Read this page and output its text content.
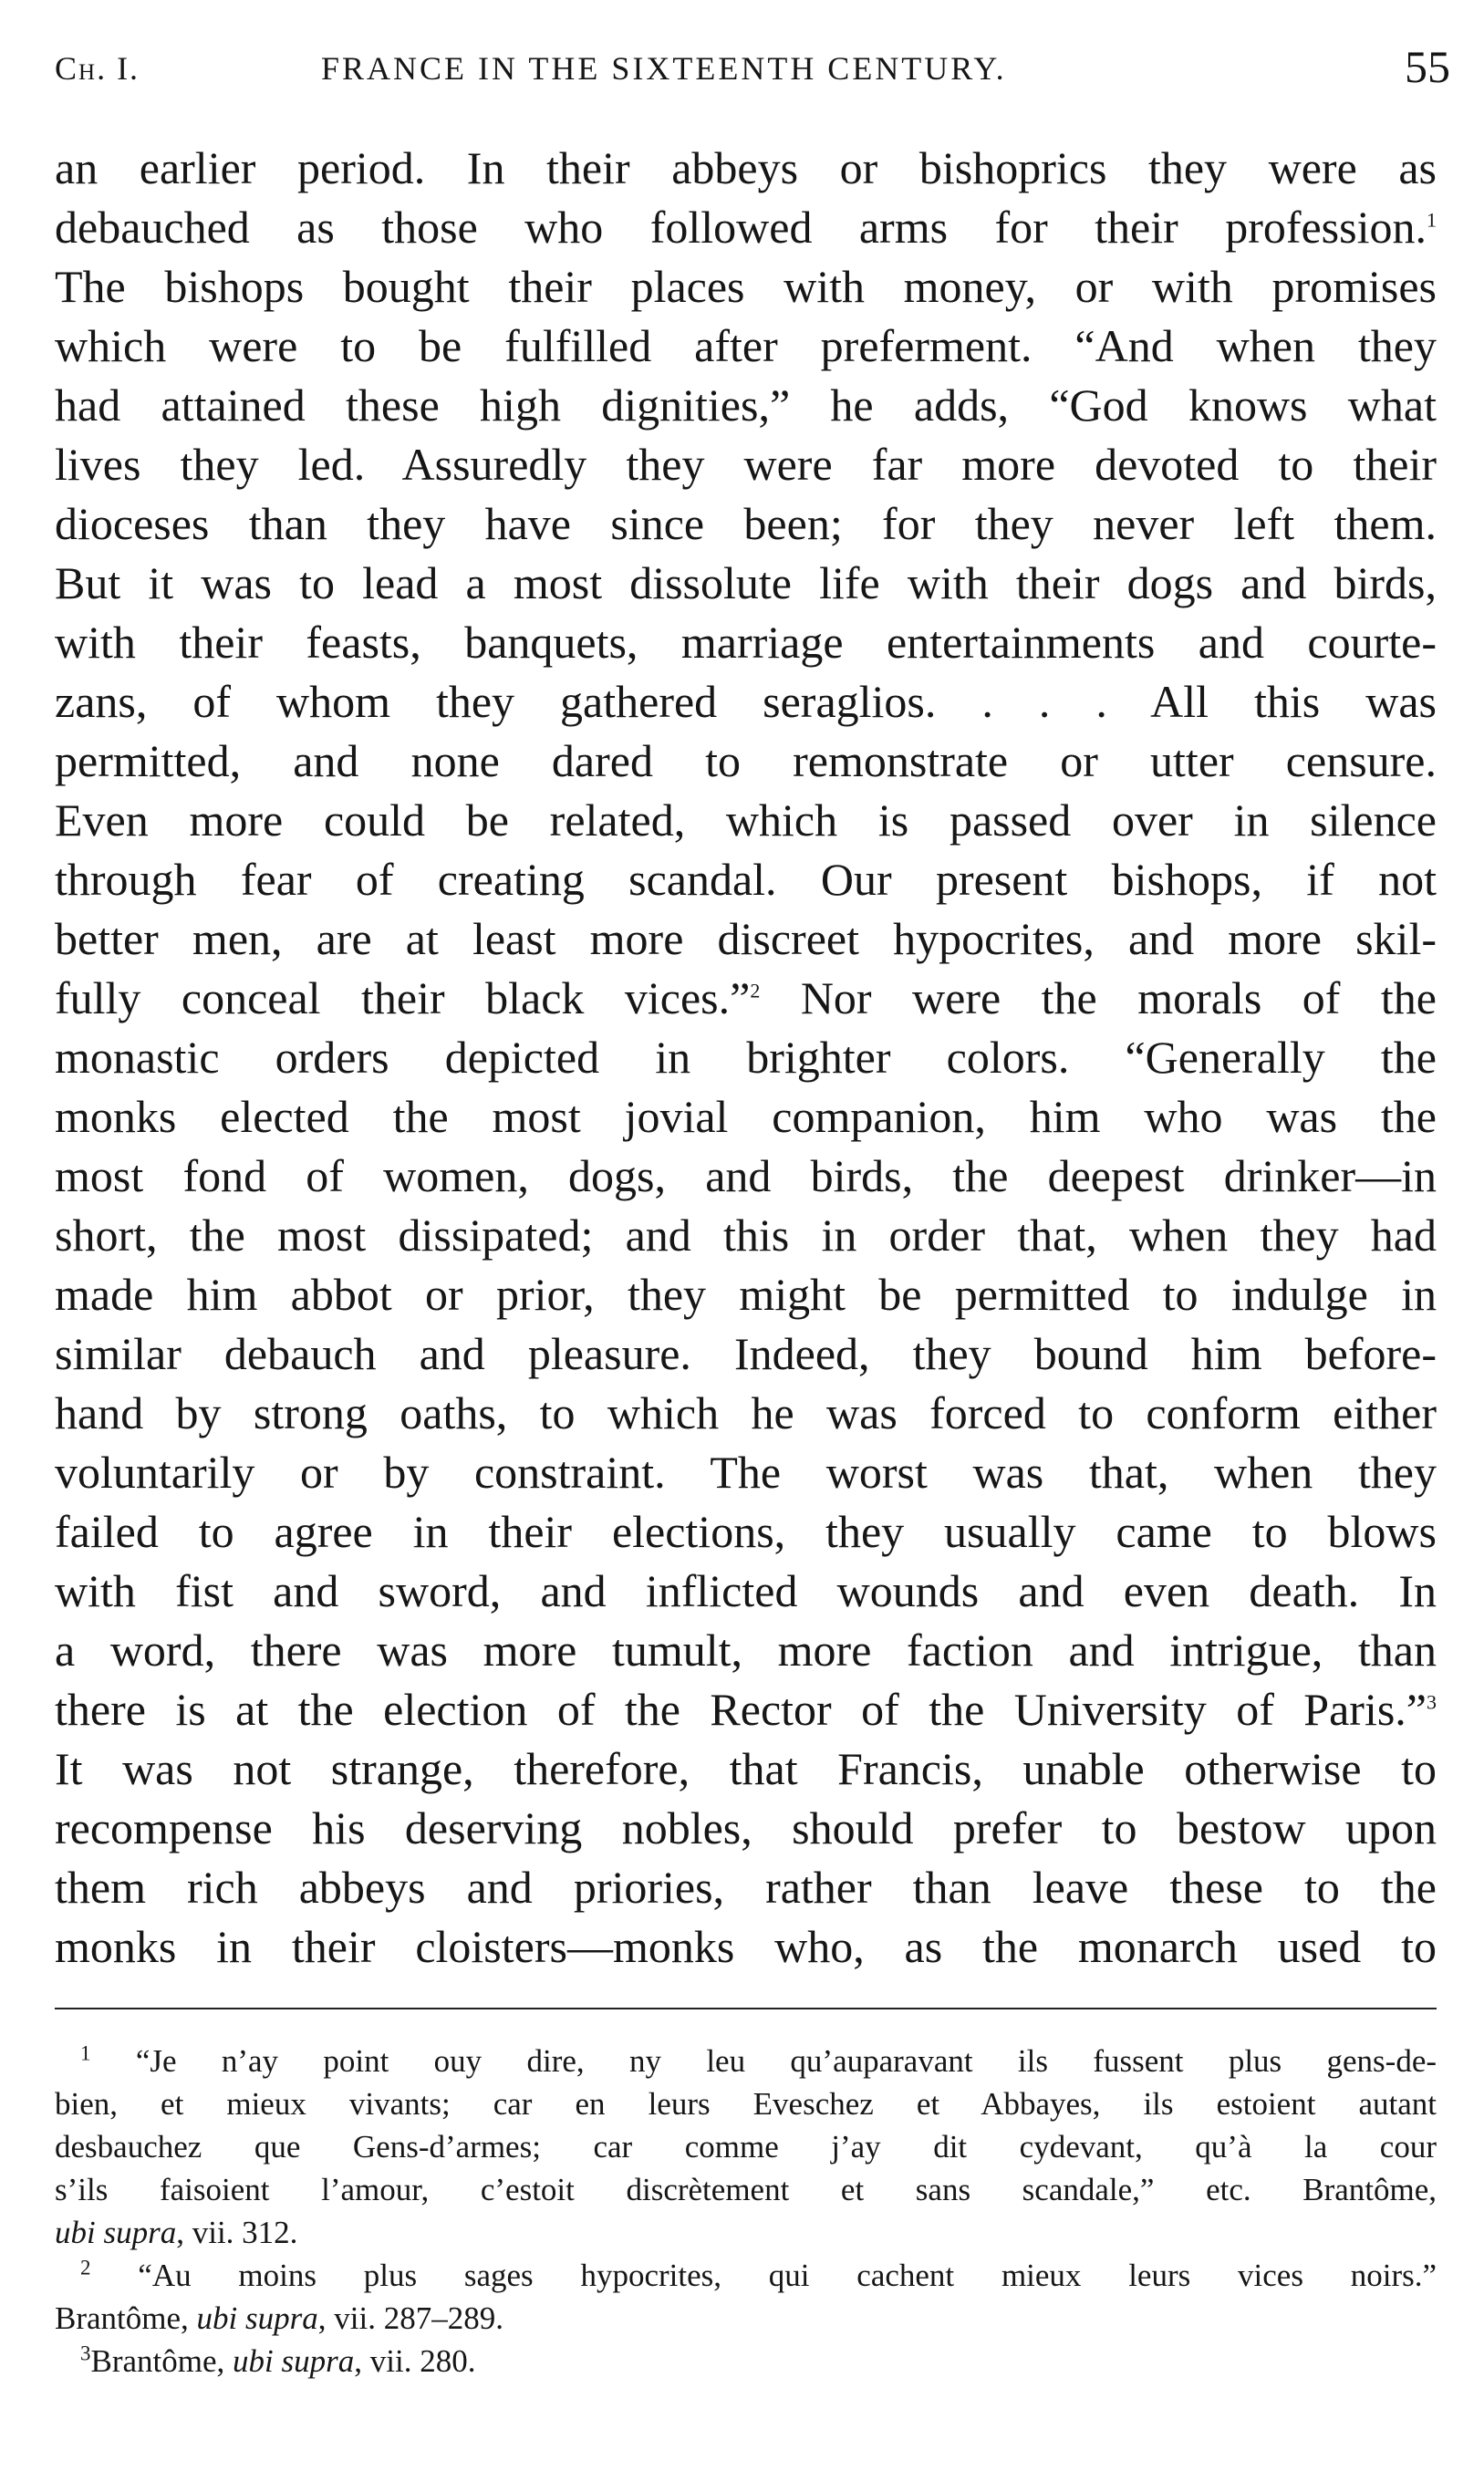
Ch. I.	FRANCE IN THE SIXTEENTH CENTURY.	55
an earlier period. In their abbeys or bishoprics they were as
debauched as those who followed arms for their profession.$^1$
The bishops bought their places with money, or with promises
which were to be fulfilled after preferment. “And when they
had attained these high dignities,” he adds, “God knows what
lives they led. Assuredly they were far more devoted to their
dioceses than they have since been; for they never left them.
But it was to lead a most dissolute life with their dogs and birds,
with their feasts, banquets, marriage entertainments and courte-
zans, of whom they gathered seraglios. . . . All this was
permitted, and none dared to remonstrate or utter censure.
Even more could be related, which is passed over in silence
through fear of creating scandal. Our present bishops, if not
better men, are at least more discreet hypocrites, and more skil-
fully conceal their black vices.”$^2$ Nor were the morals of the
monastic orders depicted in brighter colors. “Generally the
monks elected the most jovial companion, him who was the
most fond of women, dogs, and birds, the deepest drinker—in
short, the most dissipated; and this in order that, when they had
made him abbot or prior, they might be permitted to indulge in
similar debauch and pleasure. Indeed, they bound him before-
hand by strong oaths, to which he was forced to conform either
voluntarily or by constraint. The worst was that, when they
failed to agree in their elections, they usually came to blows
with fist and sword, and inflicted wounds and even death. In
a word, there was more tumult, more faction and intrigue, than
there is at the election of the Rector of the University of Paris.”$^3$
It was not strange, therefore, that Francis, unable otherwise to
recompense his deserving nobles, should prefer to bestow upon
them rich abbeys and priories, rather than leave these to the
monks in their cloisters—monks who, as the monarch used to
$^1$ “Je n’ay point ouy dire, ny leu qu’auparavant ils fussent plus gens-de-
bien, et mieux vivants; car en leurs Eveschez et Abbayes, ils estoient autant
desbauchez que Gens-d’armes; car comme j’ay dit cydevant, qu’à la cour
s’ils faisoient l’amour, c’estoit discrètement et sans scandale,” etc. Brantôme,
ubi supra, vii. 312.
$^2$ “Au moins plus sages hypocrites, qui cachent mieux leurs vices noirs.”
Brantôme, ubi supra, vii. 287–289.
$^3$Brantôme, ubi supra, vii. 280.
